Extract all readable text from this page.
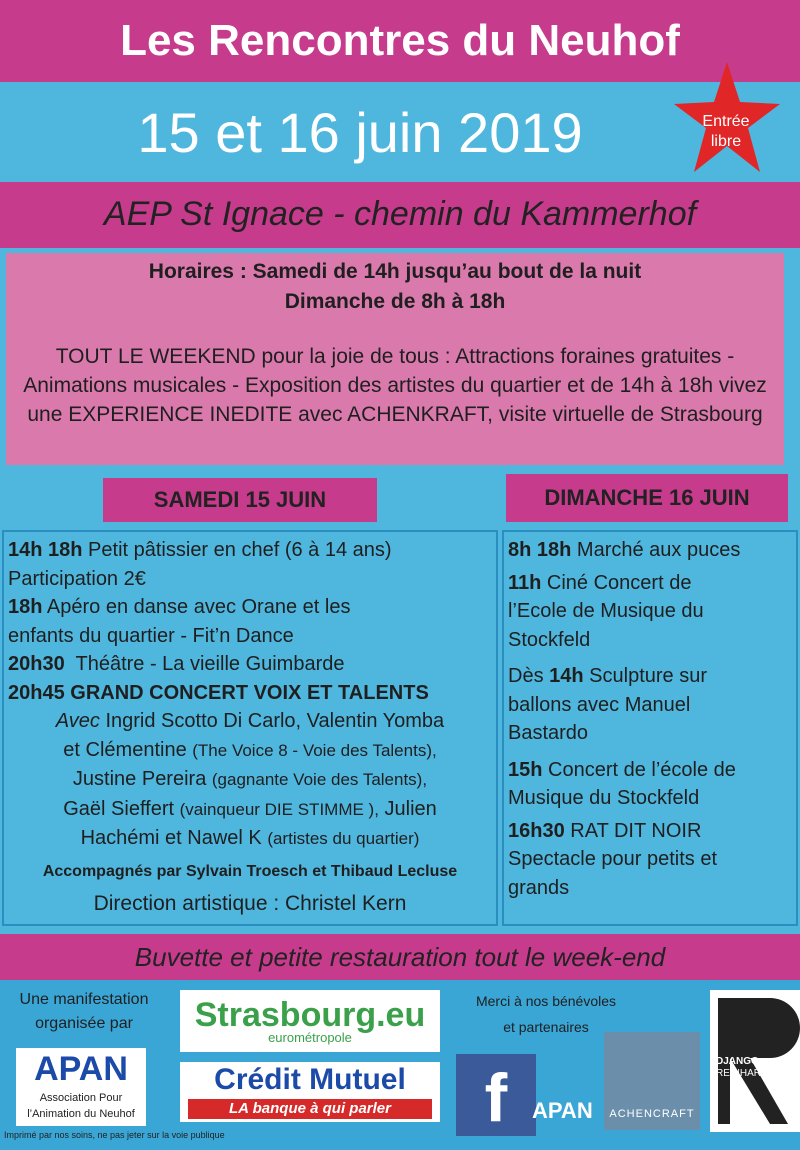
Les Rencontres du Neuhof
15 et 16 juin 2019	Entrée
libre
AEP St Ignace - chemin du Kammerhof
Horaires : Samedi de 14h jusqu’au bout de la nuit
Dimanche de 8h à 18h
TOUT LE WEEKEND pour la joie de tous : Attractions foraines gratuites - Animations musicales - Exposition des artistes du quartier et de 14h à 18h vivez une EXPERIENCE INEDITE avec ACHENKRAFT, visite virtuelle de Strasbourg
SAMEDI 15 JUIN	DIMANCHE 16 JUIN
14h 18h Petit pâtissier en chef (6 à 14 ans)
Participation 2€
18h Apéro en danse avec Orane et les
enfants du quartier - Fit’n Dance
20h30 Théâtre - La vieille Guimbarde
20h45 GRAND CONCERT VOIX ET TALENTS
Avec Ingrid Scotto Di Carlo, Valentin Yomba
et Clémentine (The Voice 8 - Voie des Talents),
Justine Pereira (gagnante Voie des Talents),
Gaël Sieffert (vainqueur DIE STIMME ), Julien
Hachémi et Nawel K (artistes du quartier)
Accompagnés par Sylvain Troesch et Thibaud Lecluse
Direction artistique : Christel Kern
8h 18h Marché aux puces
11h Ciné Concert de
l’Ecole de Musique du
Stockfeld
Dès 14h Sculpture sur
ballons avec Manuel
Bastardo
15h Concert de l’école de
Musique du Stockfeld
16h30 RAT DIT NOIR
Spectacle pour petits et
grands
Buvette et petite restauration tout le week-end
Une manifestation
organisée par
APAN
Association Pour
l’Animation du Neuhof
Imprimé par nos soins, ne pas jeter sur la voie publique
Strasbourg.eu
eurométropole
Crédit Mutuel
LA banque à qui parler
Merci à nos bénévoles
et partenaires
f	APAN	ACHENCRAFT
DJANGO
REINHARDT
